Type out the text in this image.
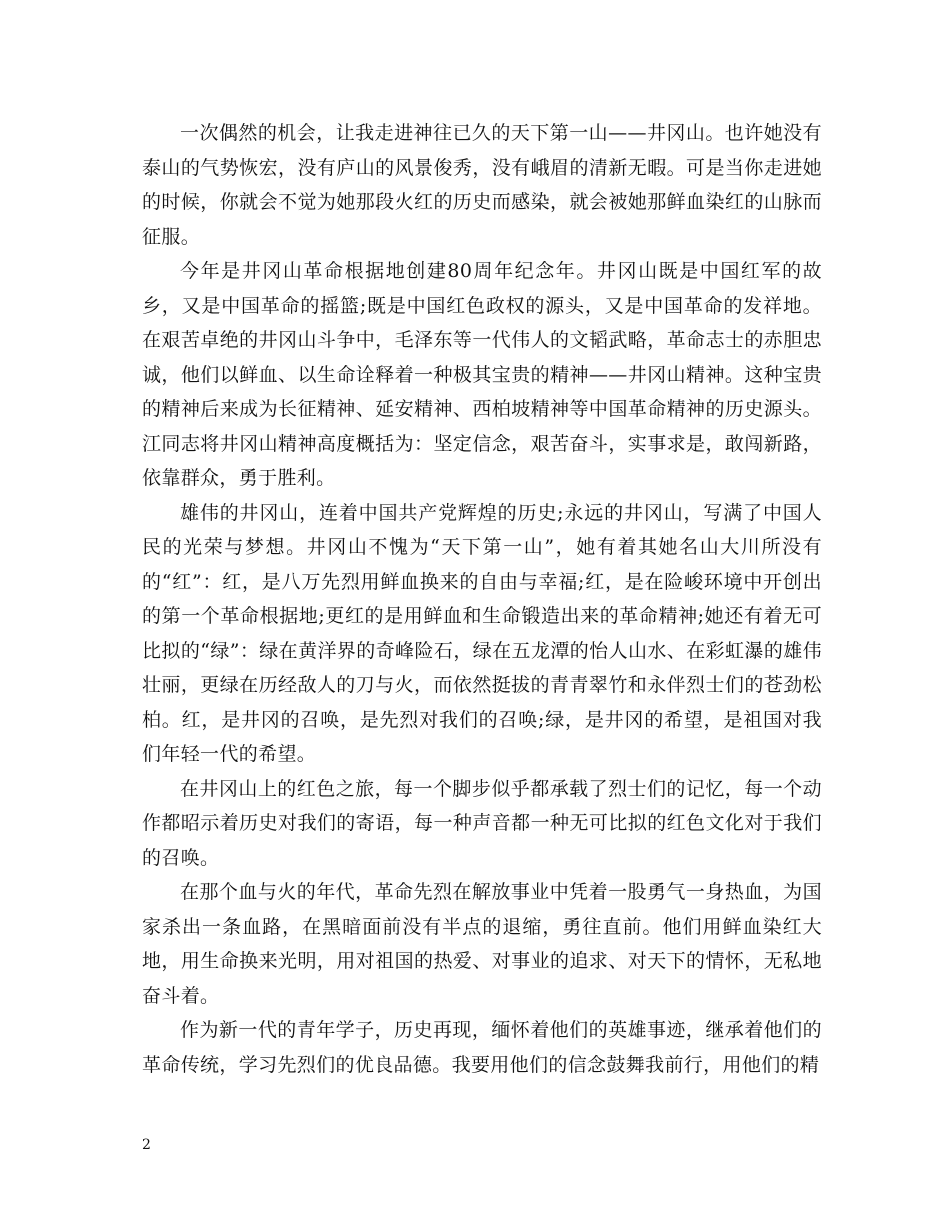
一次偶然的机会，让我走进神往已久的天下第一山——井冈山。也许她没有泰山的气势恢宏，没有庐山的风景俊秀，没有峨眉的清新无暇。可是当你走进她的时候，你就会不觉为她那段火红的历史而感染，就会被她那鲜血染红的山脉而征服。

今年是井冈山革命根据地创建80周年纪念年。井冈山既是中国红军的故乡，又是中国革命的摇篮;既是中国红色政权的源头，又是中国革命的发祥地。在艰苦卓绝的井冈山斗争中，毛泽东等一代伟人的文韬武略，革命志士的赤胆忠诚，他们以鲜血、以生命诠释着一种极其宝贵的精神——井冈山精神。这种宝贵的精神后来成为长征精神、延安精神、西柏坡精神等中国革命精神的历史源头。江同志将井冈山精神高度概括为：坚定信念，艰苦奋斗，实事求是，敢闯新路，依靠群众，勇于胜利。

雄伟的井冈山，连着中国共产党辉煌的历史;永远的井冈山，写满了中国人民的光荣与梦想。井冈山不愧为“天下第一山”，她有着其她名山大川所没有的“红”：红，是八万先烈用鲜血换来的自由与幸福;红，是在险峻环境中开创出的第一个革命根据地;更红的是用鲜血和生命锻造出来的革命精神;她还有着无可比拟的“绿”：绿在黄洋界的奇峰险石，绿在五龙潭的怡人山水、在彩虹瀑的雄伟壮丽，更绿在历经敌人的刀与火，而依然挺拔的青青翠竹和永伴烈士们的苍劲松柏。红，是井冈的召唤，是先烈对我们的召唤;绿，是井冈的希望，是祖国对我们年轻一代的希望。

在井冈山上的红色之旅，每一个脚步似乎都承载了烈士们的记忆，每一个动作都昭示着历史对我们的寄语，每一种声音都一种无可比拟的红色文化对于我们的召唤。

在那个血与火的年代，革命先烈在解放事业中凭着一股勇气一身热血，为国家杀出一条血路，在黑暗面前没有半点的退缩，勇往直前。他们用鲜血染红大地，用生命换来光明，用对祖国的热爱、对事业的追求、对天下的情怀，无私地奋斗着。

作为新一代的青年学子，历史再现，缅怀着他们的英雄事迹，继承着他们的革命传统，学习先烈们的优良品德。我要用他们的信念鼓舞我前行，用他们的精

2
